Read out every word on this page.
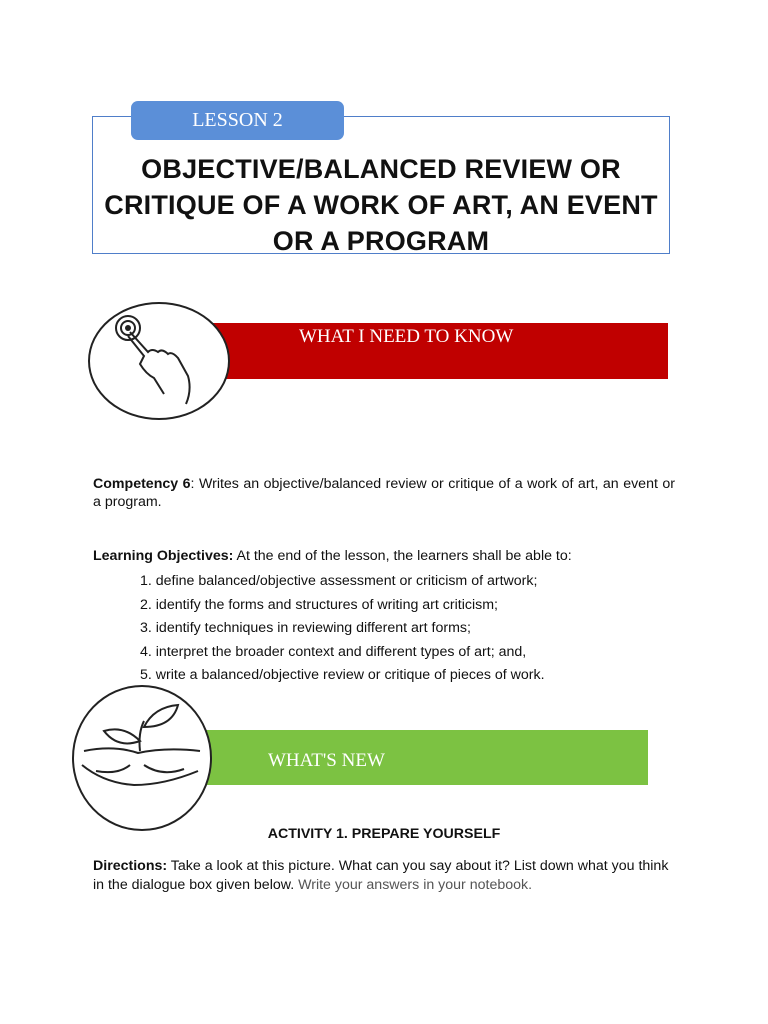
LESSON 2
OBJECTIVE/BALANCED REVIEW OR CRITIQUE OF A WORK OF ART, AN EVENT OR A PROGRAM
WHAT I NEED TO KNOW
Competency 6: Writes an objective/balanced review or critique of a work of art, an event or a program.
Learning Objectives: At the end of the lesson, the learners shall be able to:
1. define balanced/objective assessment or criticism of artwork;
2. identify the forms and structures of writing art criticism;
3. identify techniques in reviewing different art forms;
4. interpret the broader context and different types of art; and,
5. write a balanced/objective review or critique of pieces of work.
WHAT'S NEW
ACTIVITY 1. PREPARE YOURSELF
Directions: Take a look at this picture. What can you say about it? List down what you think in the dialogue box given below. Write your answers in your notebook.
